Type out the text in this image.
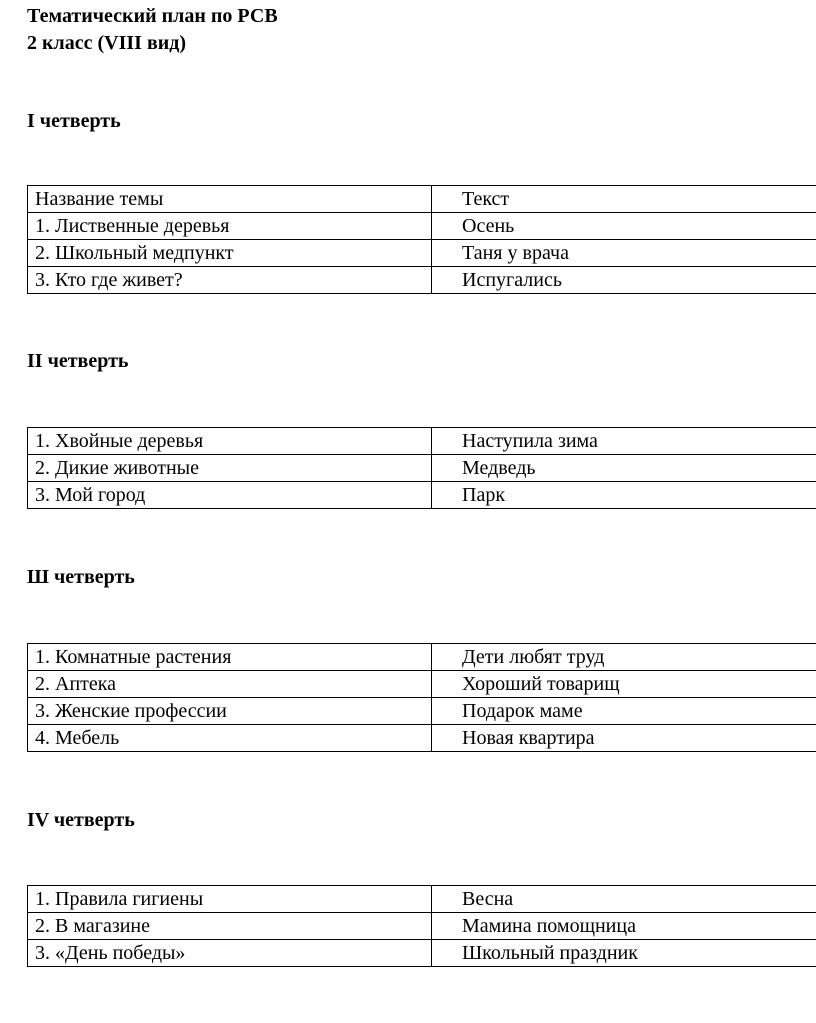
Тематический план по РСВ
2 класс (VIII вид)
I четверть
Название темы	Текст
1. Лиственные деревья	Осень
2. Школьный медпункт	Таня у врача
3. Кто где живет?	Испугались
II четверть
1. Хвойные деревья	Наступила зима
2. Дикие животные	Медведь
3. Мой город	Парк
Ш четверть
1. Комнатные растения	Дети любят труд
2. Аптека	Хороший товарищ
3. Женские профессии	Подарок маме
4. Мебель	Новая квартира
IV четверть
1. Правила гигиены	Весна
2. В магазине	Мамина помощница
3. «День победы»	Школьный праздник
